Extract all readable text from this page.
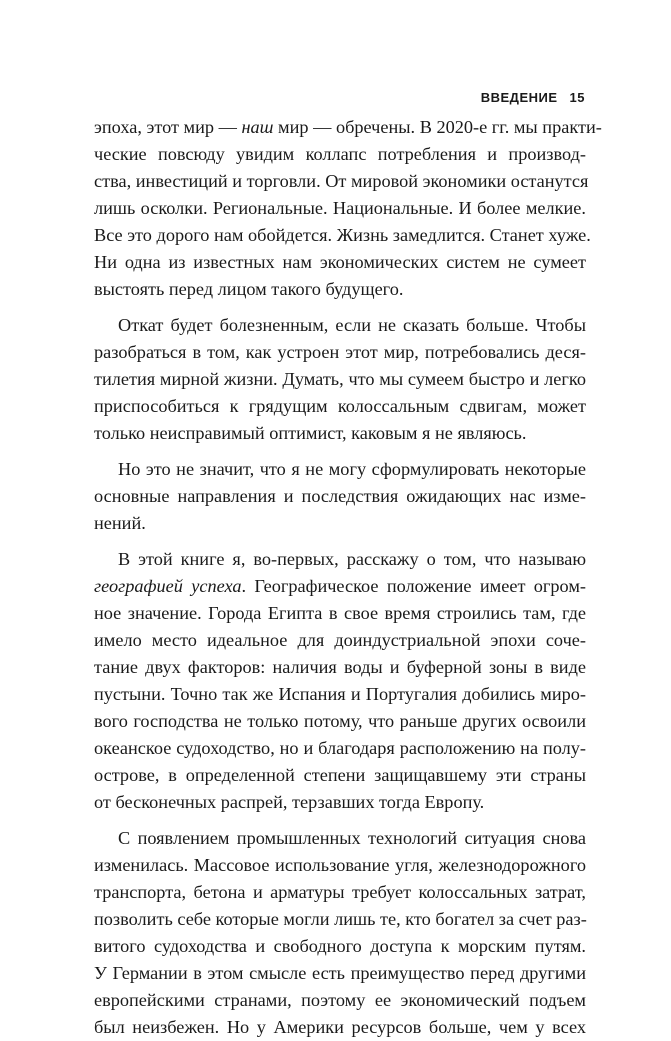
ВВЕДЕНИЕ 15
эпоха, этот мир — наш мир — обречены. В 2020-е гг. мы практи-
ческие повсюду увидим коллапс потребления и производ-
ства, инвестиций и торговли. От мировой экономики останутся
лишь осколки. Региональные. Национальные. И более мелкие.
Все это дорого нам обойдется. Жизнь замедлится. Станет хуже.
Ни одна из известных нам экономических систем не сумеет
выстоять перед лицом такого будущего.
Откат будет болезненным, если не сказать больше. Чтобы
разобраться в том, как устроен этот мир, потребовались деся-
тилетия мирной жизни. Думать, что мы сумеем быстро и легко
приспособиться к грядущим колоссальным сдвигам, может
только неисправимый оптимист, каковым я не являюсь.
Но это не значит, что я не могу сформулировать некоторые
основные направления и последствия ожидающих нас изме-
нений.
В этой книге я, во-первых, расскажу о том, что называю
географией успеха. Географическое положение имеет огром-
ное значение. Города Египта в свое время строились там, где
имело место идеальное для доиндустриальной эпохи соче-
тание двух факторов: наличия воды и буферной зоны в виде
пустыни. Точно так же Испания и Португалия добились миро-
вого господства не только потому, что раньше других освоили
океанское судоходство, но и благодаря расположению на полу-
острове, в определенной степени защищавшему эти страны
от бесконечных распрей, терзавших тогда Европу.
С появлением промышленных технологий ситуация снова
изменилась. Массовое использование угля, железнодорожного
транспорта, бетона и арматуры требует колоссальных затрат,
позволить себе которые могли лишь те, кто богател за счет раз-
витого судоходства и свободного доступа к морским путям.
У Германии в этом смысле есть преимущество перед другими
европейскими странами, поэтому ее экономический подъем
был неизбежен. Но у Америки ресурсов больше, чем у всех
